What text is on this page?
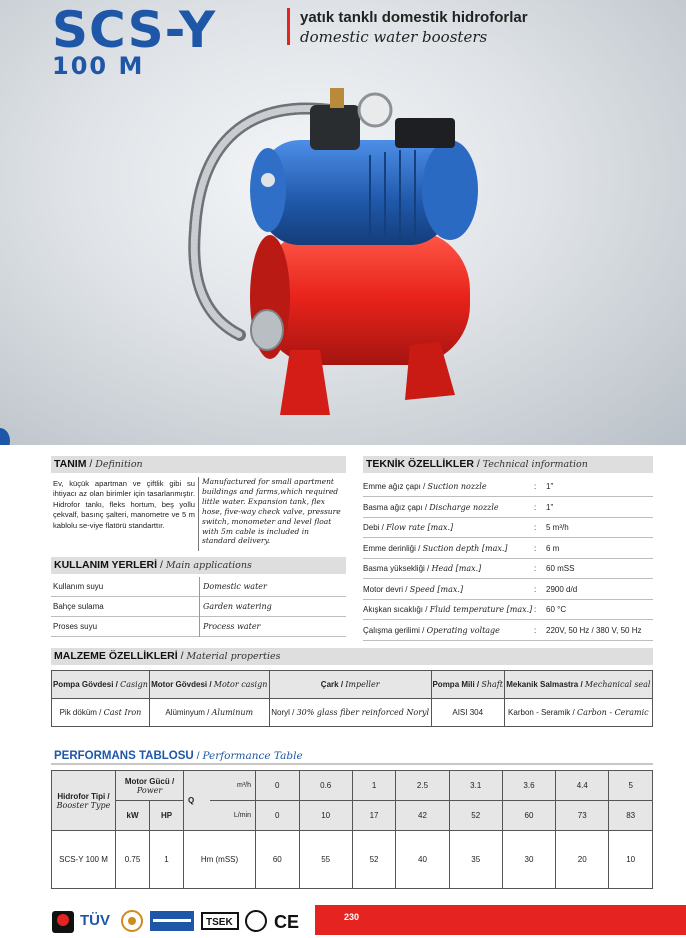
SCS-Y
100 M
yatık tanklı domestik hidroforlar
domestic water boosters
TANIM / Definition
Ev, küçük apartman ve çiftlik gibi su ihtiyacı az olan birimler için tasarlanmıştır. Hidrofor tankı, fleks hortum, beş yollu çekvalf, basınç şalteri, manometre ve 5 m kablolu se-viye flatörü standarttır.
Manufactured for small apartment buildings and farms,which required little water. Expansion tank, flex hose, five-way check valve, pressure switch, monometer and level float with 5m cable is included in standard delivery.
KULLANIM YERLERİ / Main applications
Kullanım suyu	Domestic water
Bahçe sulama	Garden watering
Proses suyu	Process water
TEKNİK ÖZELLİKLER / Technical information
Emme ağız çapı / Suction nozzle	: 1"
Basma ağız çapı / Discharge nozzle	: 1"
Debi / Flow rate [max.]	: 5 m³/h
Emme derinliği / Suction depth [max.]	: 6 m
Basma yüksekliği / Head [max.]	: 60 mSS
Motor devri / Speed [max.]	: 2900 d/d
Akışkan sıcaklığı / Fluid temperature [max.] : 60 °C
Çalışma gerilimi / Operating voltage	: 220V, 50 Hz / 380 V, 50 Hz
MALZEME ÖZELLİKLERİ / Material properties
Pompa Gövdesi / Casign	Motor Gövdesi / Motor casign	Çark / Impeller	Pompa Mili / Shaft	Mekanik Salmastra / Mechanical seal
Pik döküm / Cast Iron	Alüminyum / Aluminum	Noryl / 30% glass fiber reinforced Noryl	AISI 304	Karbon - Seramik / Carbon - Ceramic
PERFORMANS TABLOSU / Performance Table
Hidrofor Tipi /
Booster Type	Motor Gücü /
Power		Q	m³/h	0	0.6	1	2.5	3.1	3.6	4.4	5
	kW	HP		L/min	0	10	17	42	52	60	73	83
SCS-Y 100 M	0.75	1	Hm (mSS)		60	55	52	40	35	30	20	10
TÜV	TSEK CE	230
